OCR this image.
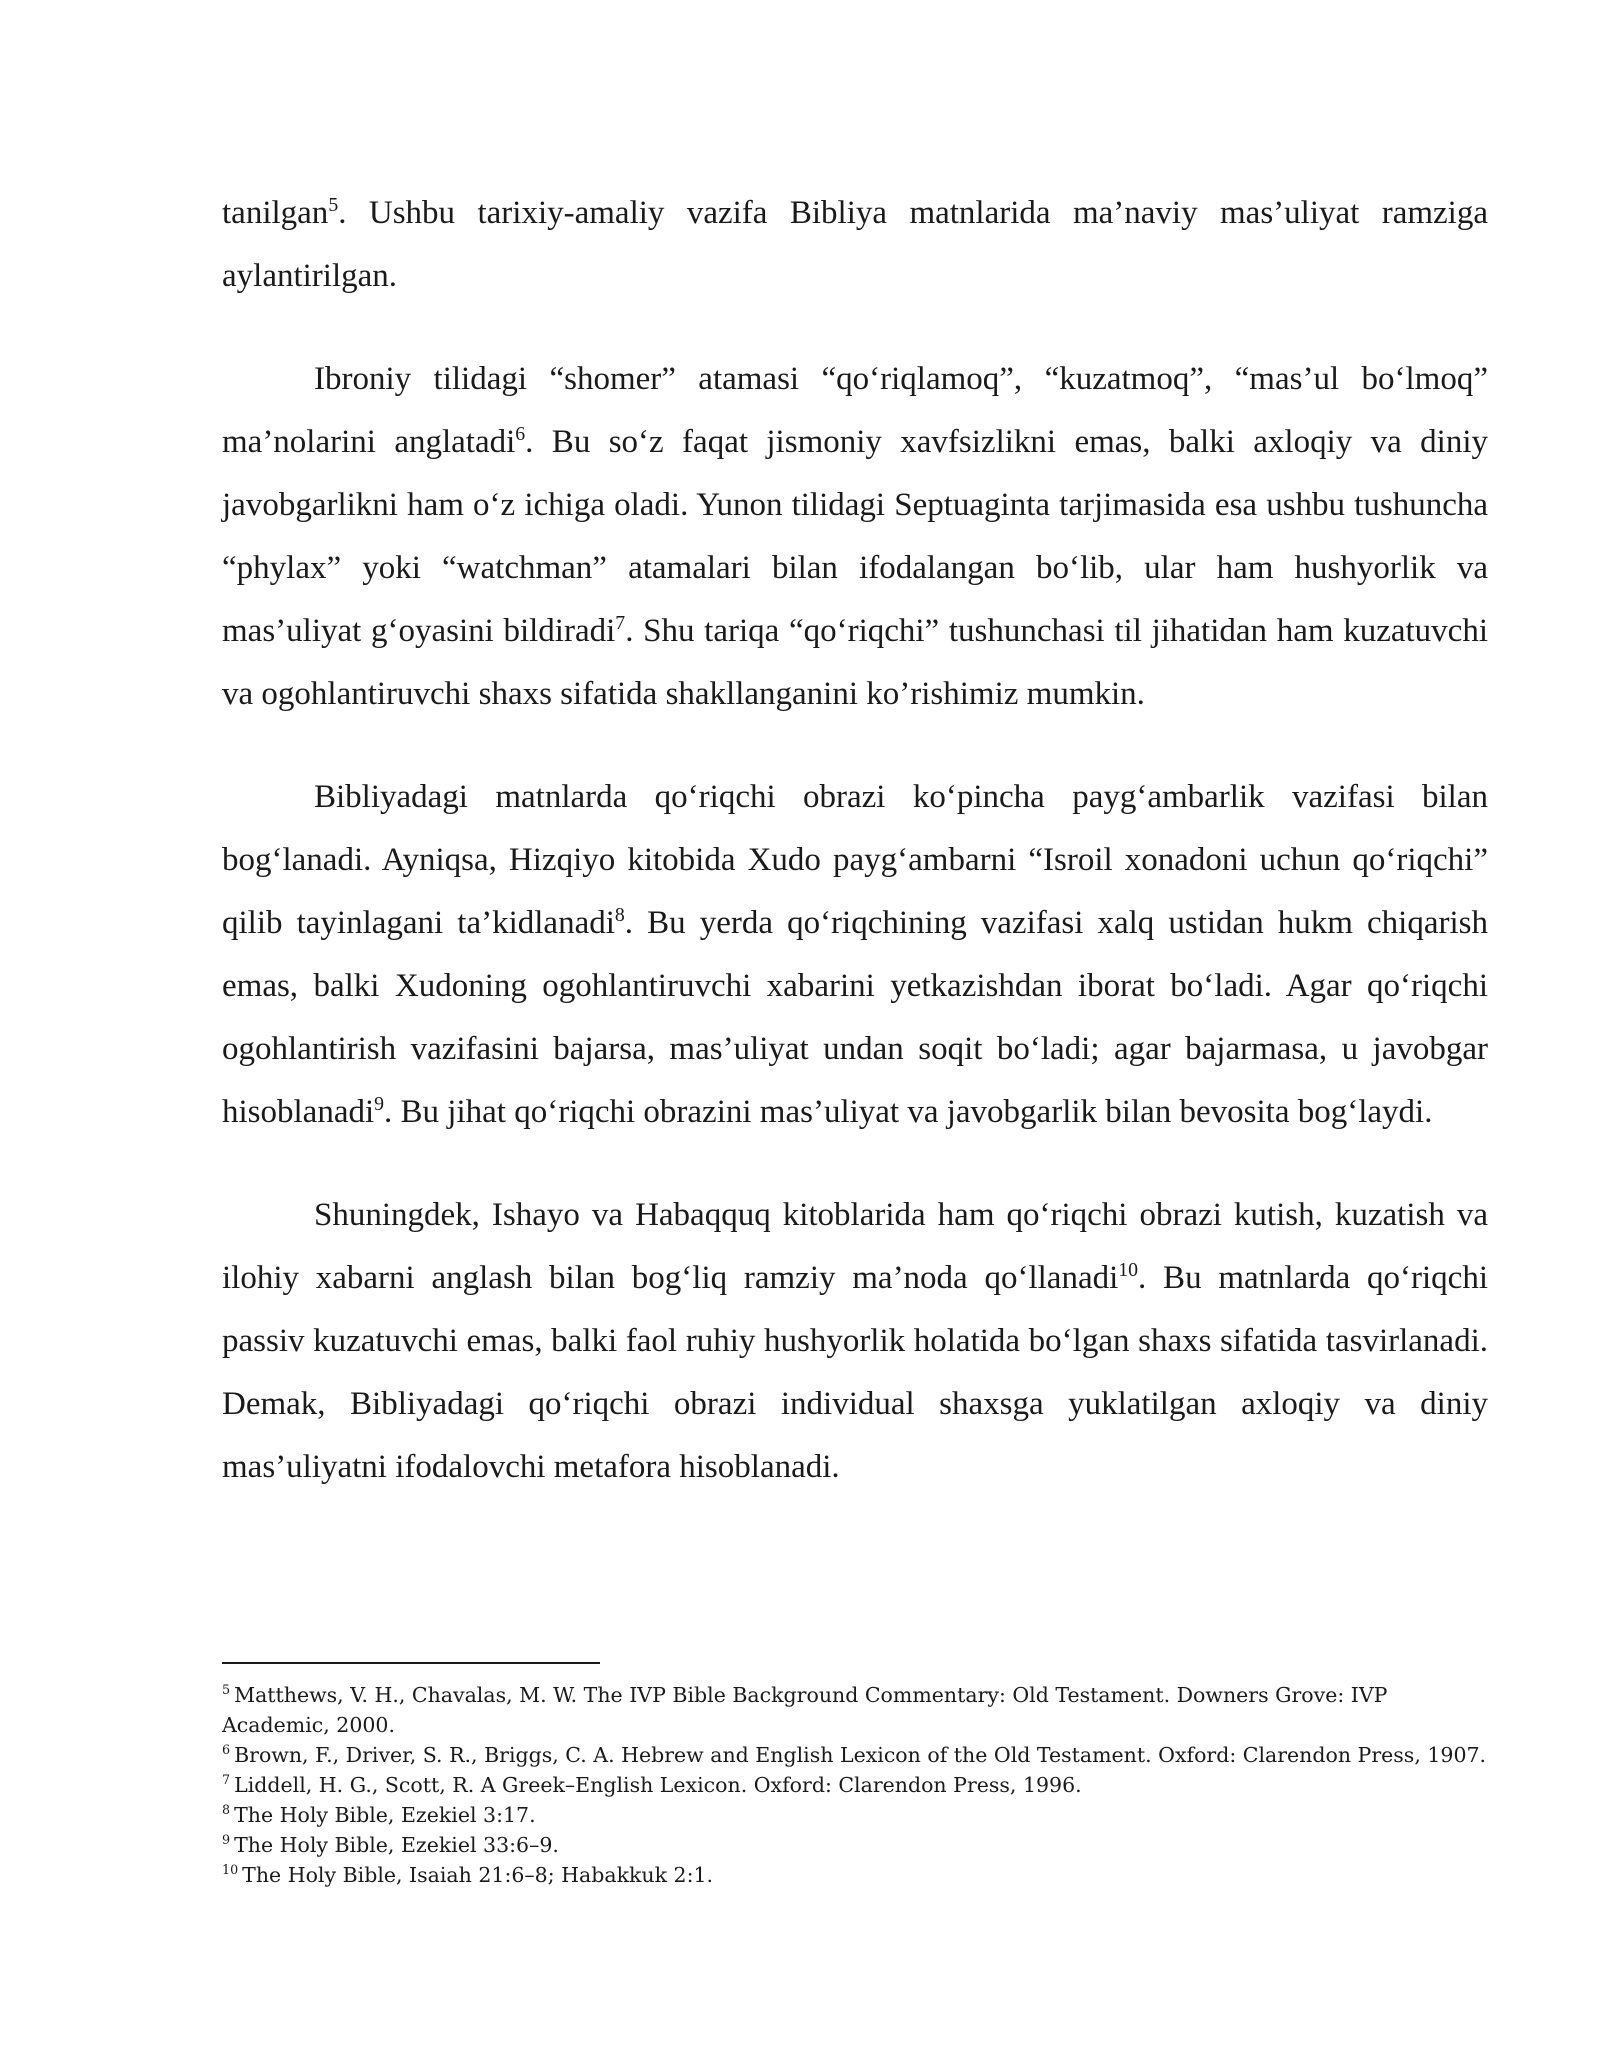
tanilgan$^5$. Ushbu tarixiy-amaliy vazifa Bibliya matnlarida ma’naviy mas’uliyat ramziga aylantirilgan.

Ibroniy tilidagi “shomer” atamasi “qo‘riqlamoq”, “kuzatmoq”, “mas’ul bo‘lmoq” ma’nolarini anglatadi$^6$. Bu so‘z faqat jismoniy xavfsizlikni emas, balki axloqiy va diniy javobgarlikni ham o‘z ichiga oladi. Yunon tilidagi Septuaginta tarjimasida esa ushbu tushuncha “phylax” yoki “watchman” atamalari bilan ifodalangan bo‘lib, ular ham hushyorlik va mas’uliyat g‘oyasini bildiradi$^7$. Shu tariqa “qo‘riqchi” tushunchasi til jihatidan ham kuzatuvchi va ogohlantiruvchi shaxs sifatida shakllanganini ko’rishimiz mumkin.

Bibliyadagi matnlarda qo‘riqchi obrazi ko‘pincha payg‘ambarlik vazifasi bilan bog‘lanadi. Ayniqsa, Hizqiyo kitobida Xudo payg‘ambarni “Isroil xonadoni uchun qo‘riqchi” qilib tayinlagani ta’kidlanadi$^8$. Bu yerda qo‘riqchining vazifasi xalq ustidan hukm chiqarish emas, balki Xudoning ogohlantiruvchi xabarini yetkazishdan iborat bo‘ladi. Agar qo‘riqchi ogohlantirish vazifasini bajarsa, mas’uliyat undan soqit bo‘ladi; agar bajarmasa, u javobgar hisoblanadi$^9$. Bu jihat qo‘riqchi obrazini mas’uliyat va javobgarlik bilan bevosita bog‘laydi.

Shuningdek, Ishayo va Habaqquq kitoblarida ham qo‘riqchi obrazi kutish, kuzatish va ilohiy xabarni anglash bilan bog‘liq ramziy ma’noda qo‘llanadi$^{10}$. Bu matnlarda qo‘riqchi passiv kuzatuvchi emas, balki faol ruhiy hushyorlik holatida bo‘lgan shaxs sifatida tasvirlanadi. Demak, Bibliyadagi qo‘riqchi obrazi individual shaxsga yuklatilgan axloqiy va diniy mas’uliyatni ifodalovchi metafora hisoblanadi.

$^5$ Matthews, V. H., Chavalas, M. W. The IVP Bible Background Commentary: Old Testament. Downers Grove: IVP Academic, 2000.

$^6$ Brown, F., Driver, S. R., Briggs, C. A. Hebrew and English Lexicon of the Old Testament. Oxford: Clarendon Press, 1907.

$^7$ Liddell, H. G., Scott, R. A Greek–English Lexicon. Oxford: Clarendon Press, 1996.

$^8$ The Holy Bible, Ezekiel 3:17.

$^9$ The Holy Bible, Ezekiel 33:6–9.

$^{10}$ The Holy Bible, Isaiah 21:6–8; Habakkuk 2:1.
